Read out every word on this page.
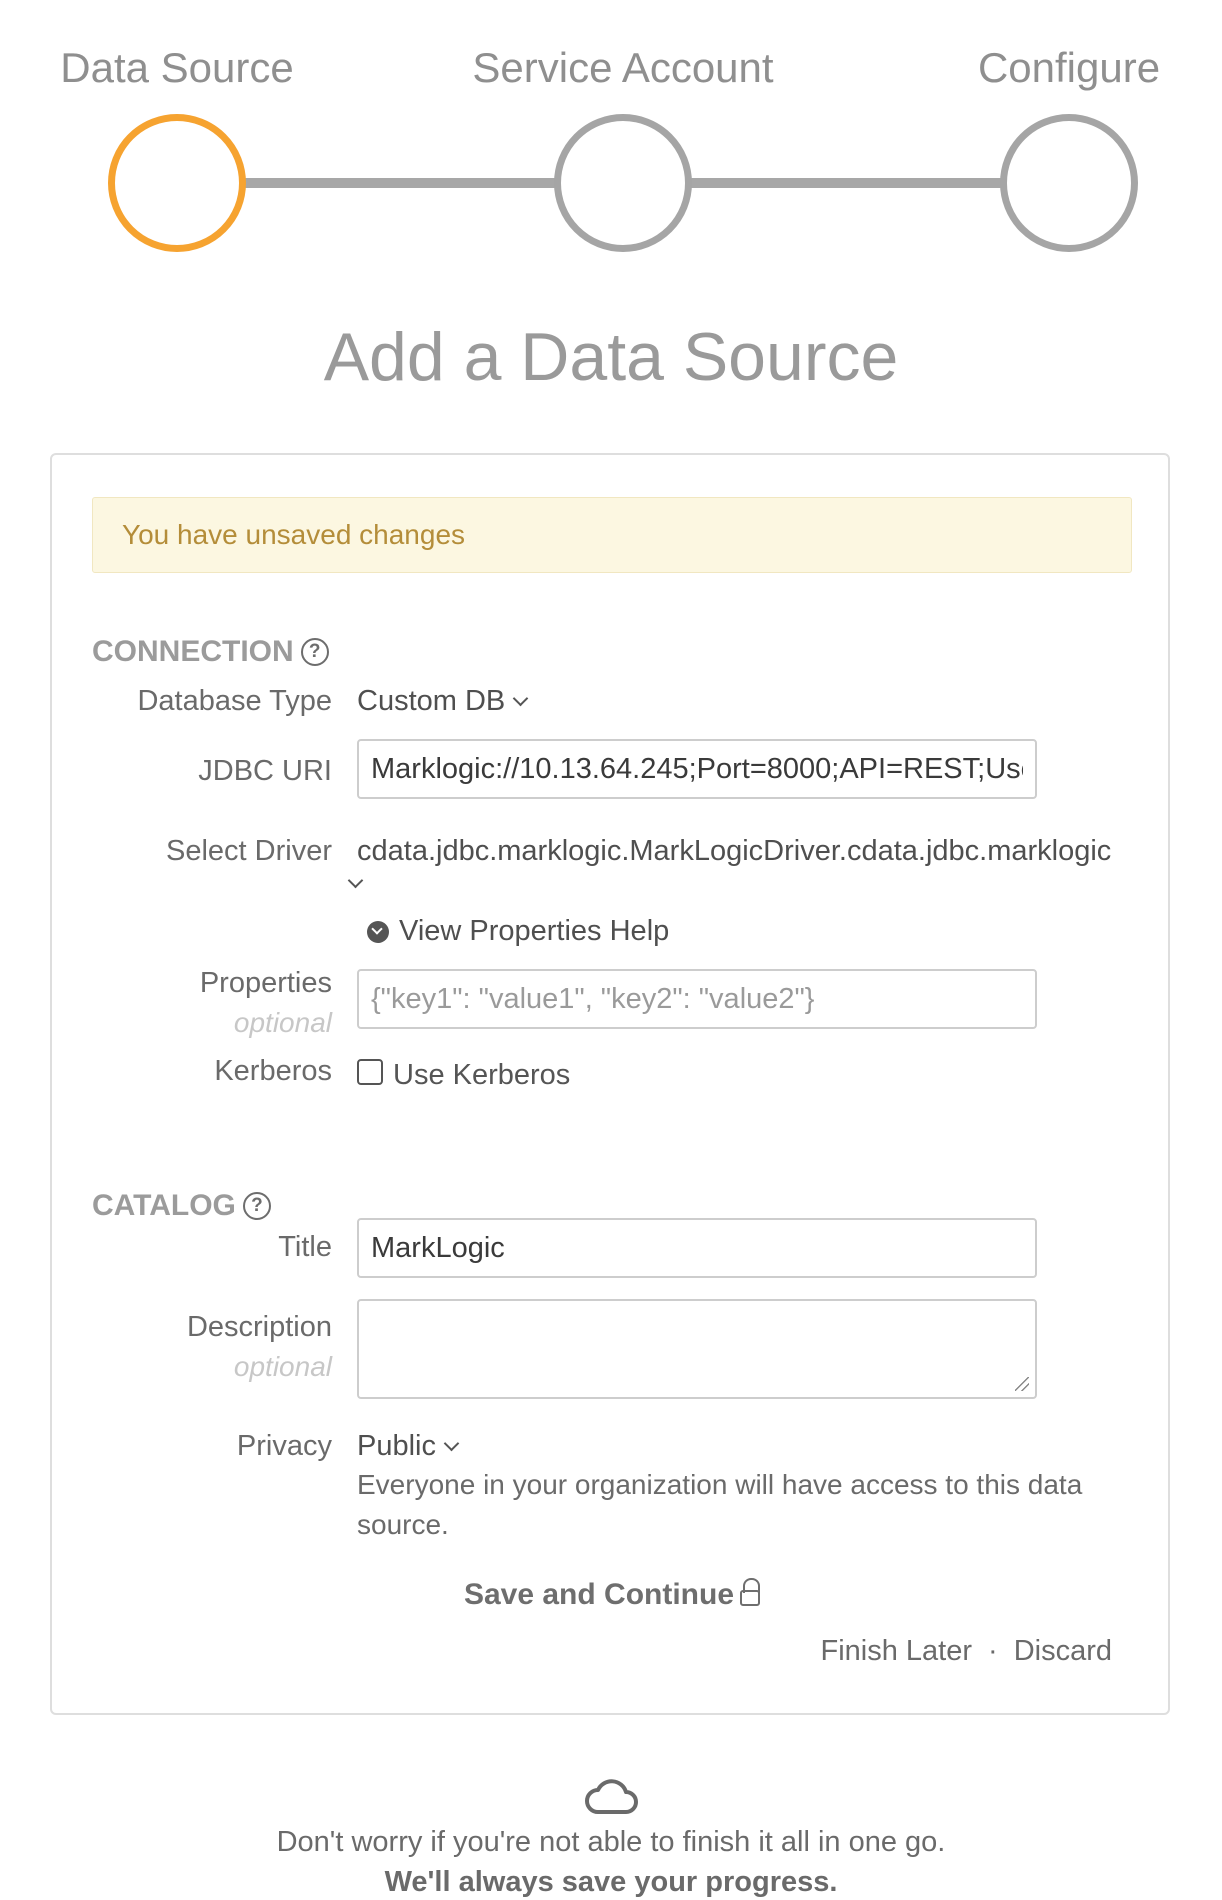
Data Source	Service Account	Configure
Add a Data Source
You have unsaved changes
CONNECTION ?
Database Type Custom DB
JDBC URI
Marklogic://10.13.64.245;Port=8000;API=REST;User=admin
Select Driver cdata.jdbc.marklogic.MarkLogicDriver.cdata.jdbc.marklogic
View Properties Help
Properties
optional
{"key1": "value1", "key2": "value2"}
Kerberos Use Kerberos
CATALOG ?
Title
MarkLogic
Description
optional
Privacy Public
Everyone in your organization will have access to this data source.
Save and Continue
Finish Later · Discard
Don't worry if you're not able to finish it all in one go.
We'll always save your progress.
